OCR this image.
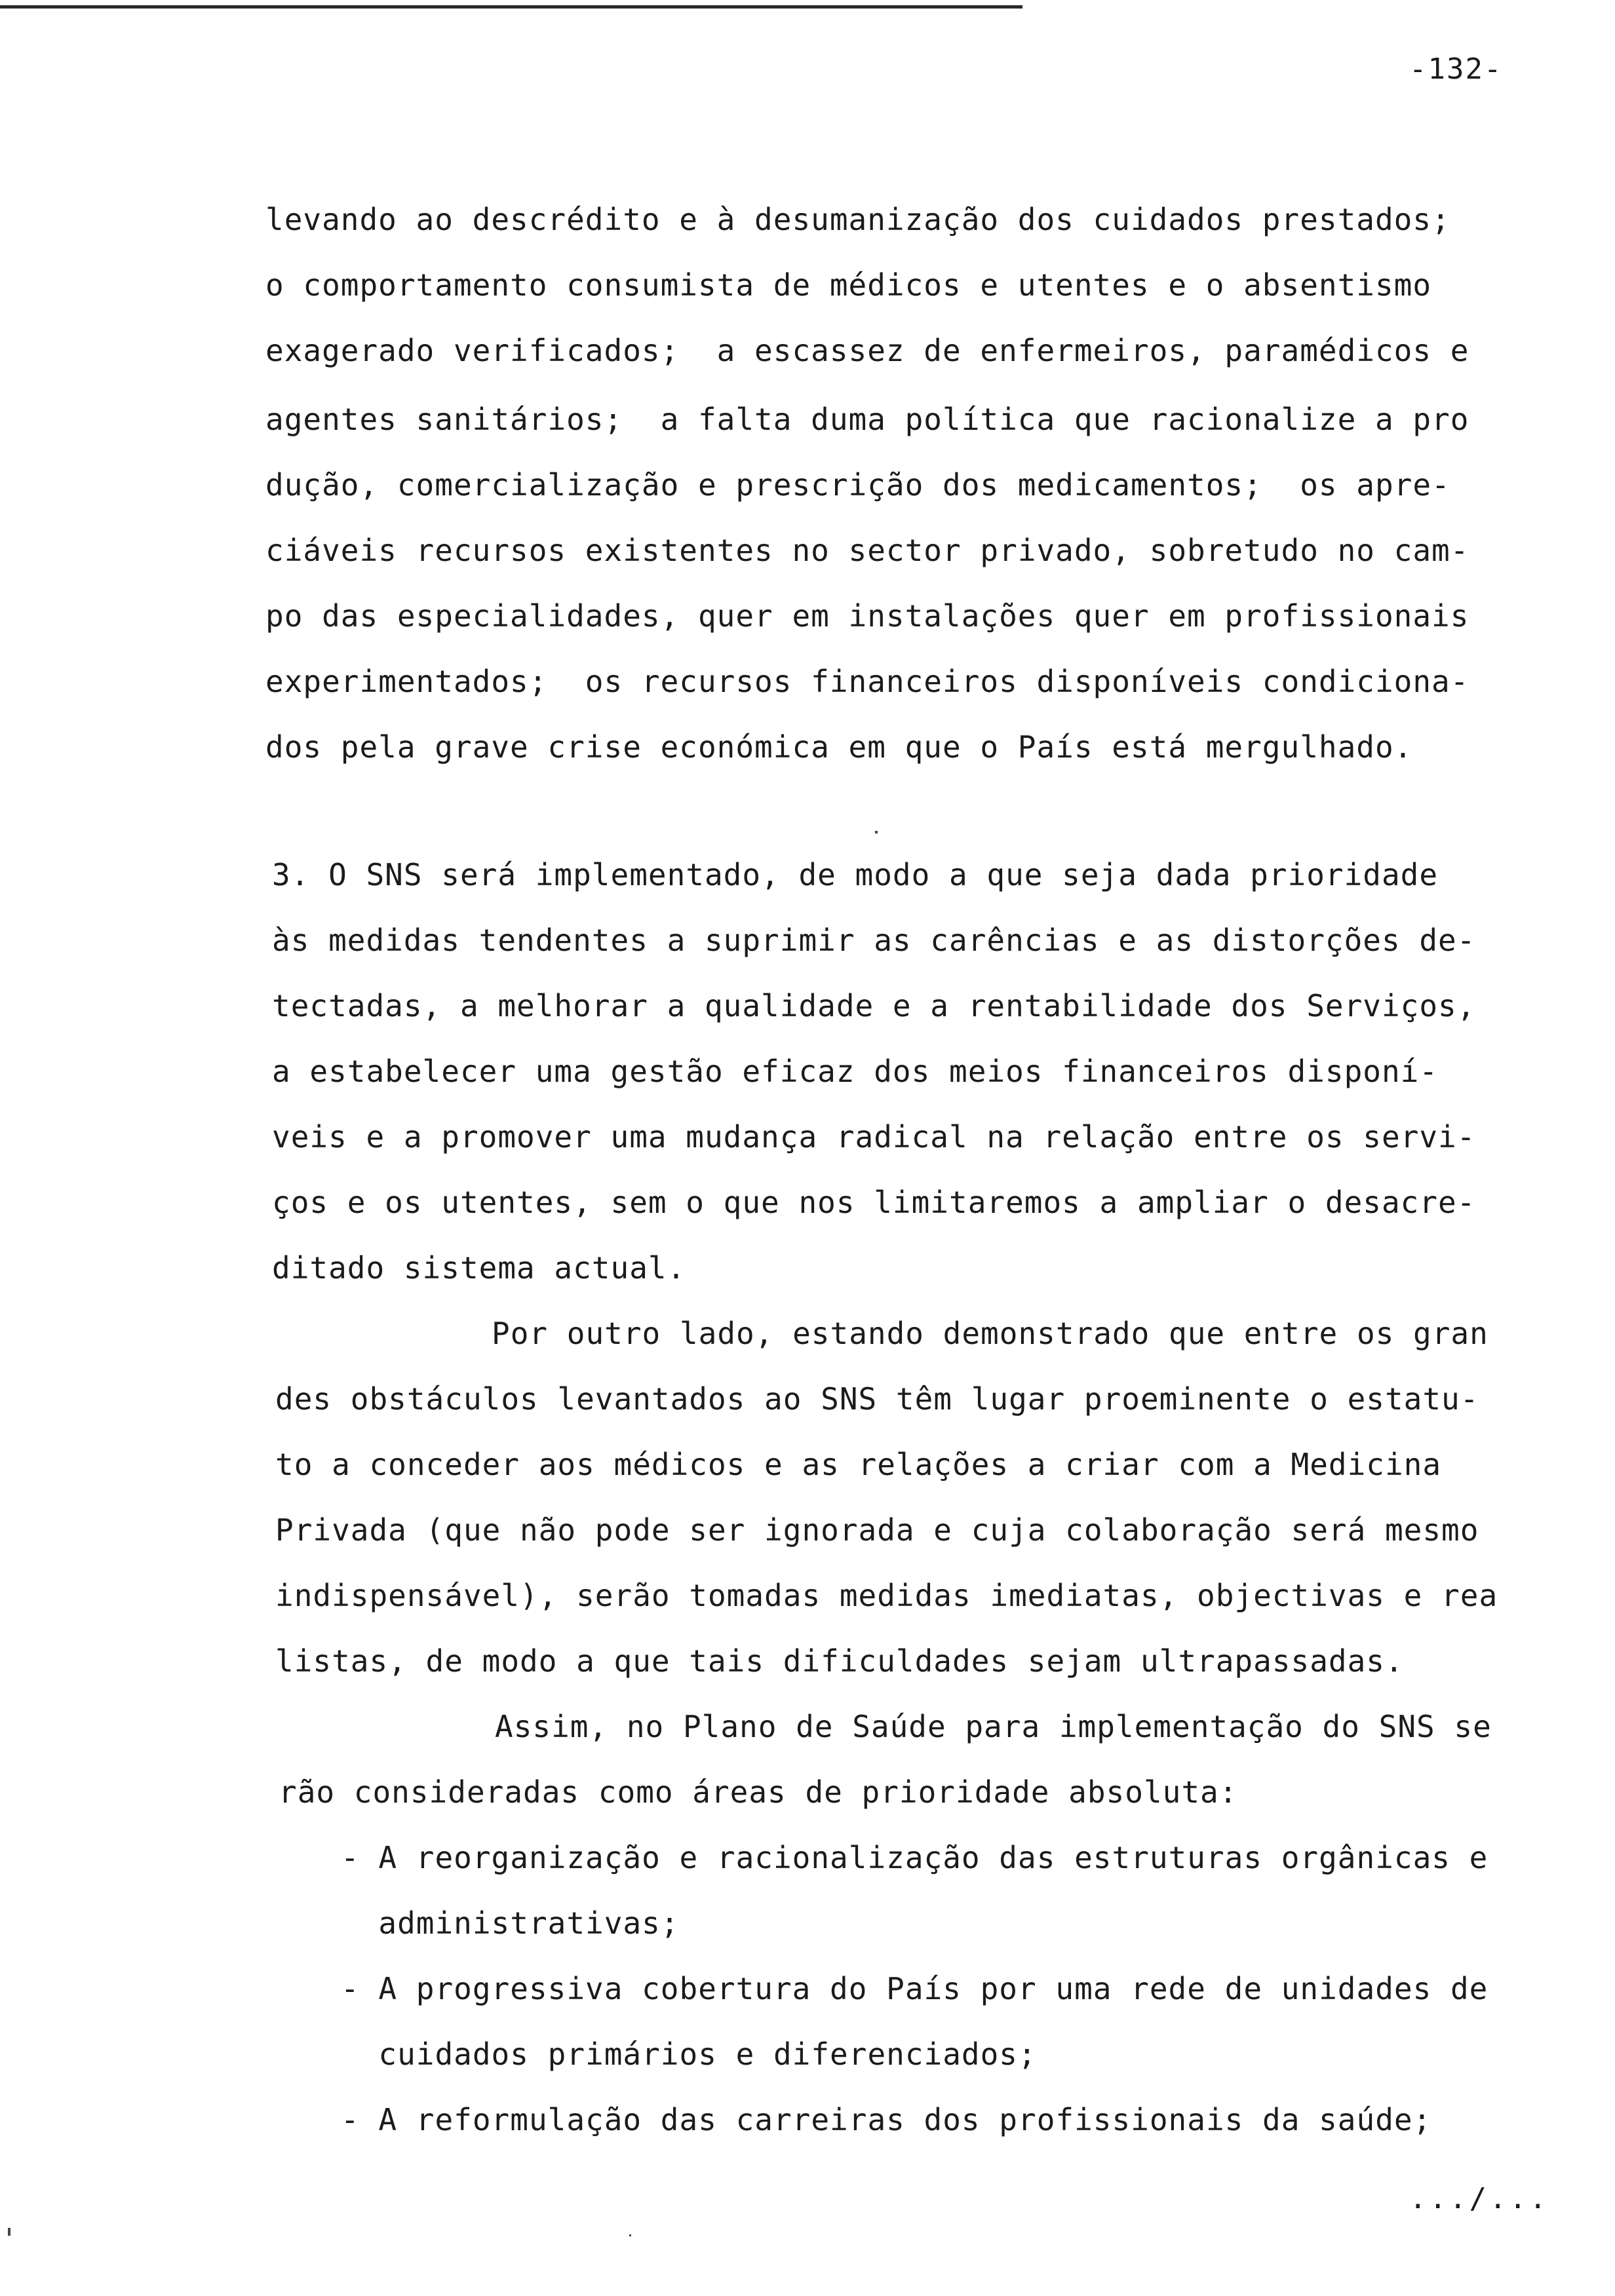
-132-
levando ao descrédito e à desumanização dos cuidados prestados;
o comportamento consumista de médicos e utentes e o absentismo
exagerado verificados;  a escassez de enfermeiros, paramédicos e
agentes sanitários;  a falta duma política que racionalize a pro
dução, comercialização e prescrição dos medicamentos;  os apre-
ciáveis recursos existentes no sector privado, sobretudo no cam-
po das especialidades, quer em instalações quer em profissionais
experimentados;  os recursos financeiros disponíveis condiciona-
dos pela grave crise económica em que o País está mergulhado.
3. O SNS será implementado, de modo a que seja dada prioridade
às medidas tendentes a suprimir as carências e as distorções de-
tectadas, a melhorar a qualidade e a rentabilidade dos Serviços,
a estabelecer uma gestão eficaz dos meios financeiros disponí-
veis e a promover uma mudança radical na relação entre os servi-
ços e os utentes, sem o que nos limitaremos a ampliar o desacre-
ditado sistema actual.
Por outro lado, estando demonstrado que entre os gran
des obstáculos levantados ao SNS têm lugar proeminente o estatu-
to a conceder aos médicos e as relações a criar com a Medicina
Privada (que não pode ser ignorada e cuja colaboração será mesmo
indispensável), serão tomadas medidas imediatas, objectivas e rea
listas, de modo a que tais dificuldades sejam ultrapassadas.
Assim, no Plano de Saúde para implementação do SNS se
rão consideradas como áreas de prioridade absoluta:
- A reorganização e racionalização das estruturas orgânicas e
administrativas;
- A progressiva cobertura do País por uma rede de unidades de
cuidados primários e diferenciados;
- A reformulação das carreiras dos profissionais da saúde;
.../...
